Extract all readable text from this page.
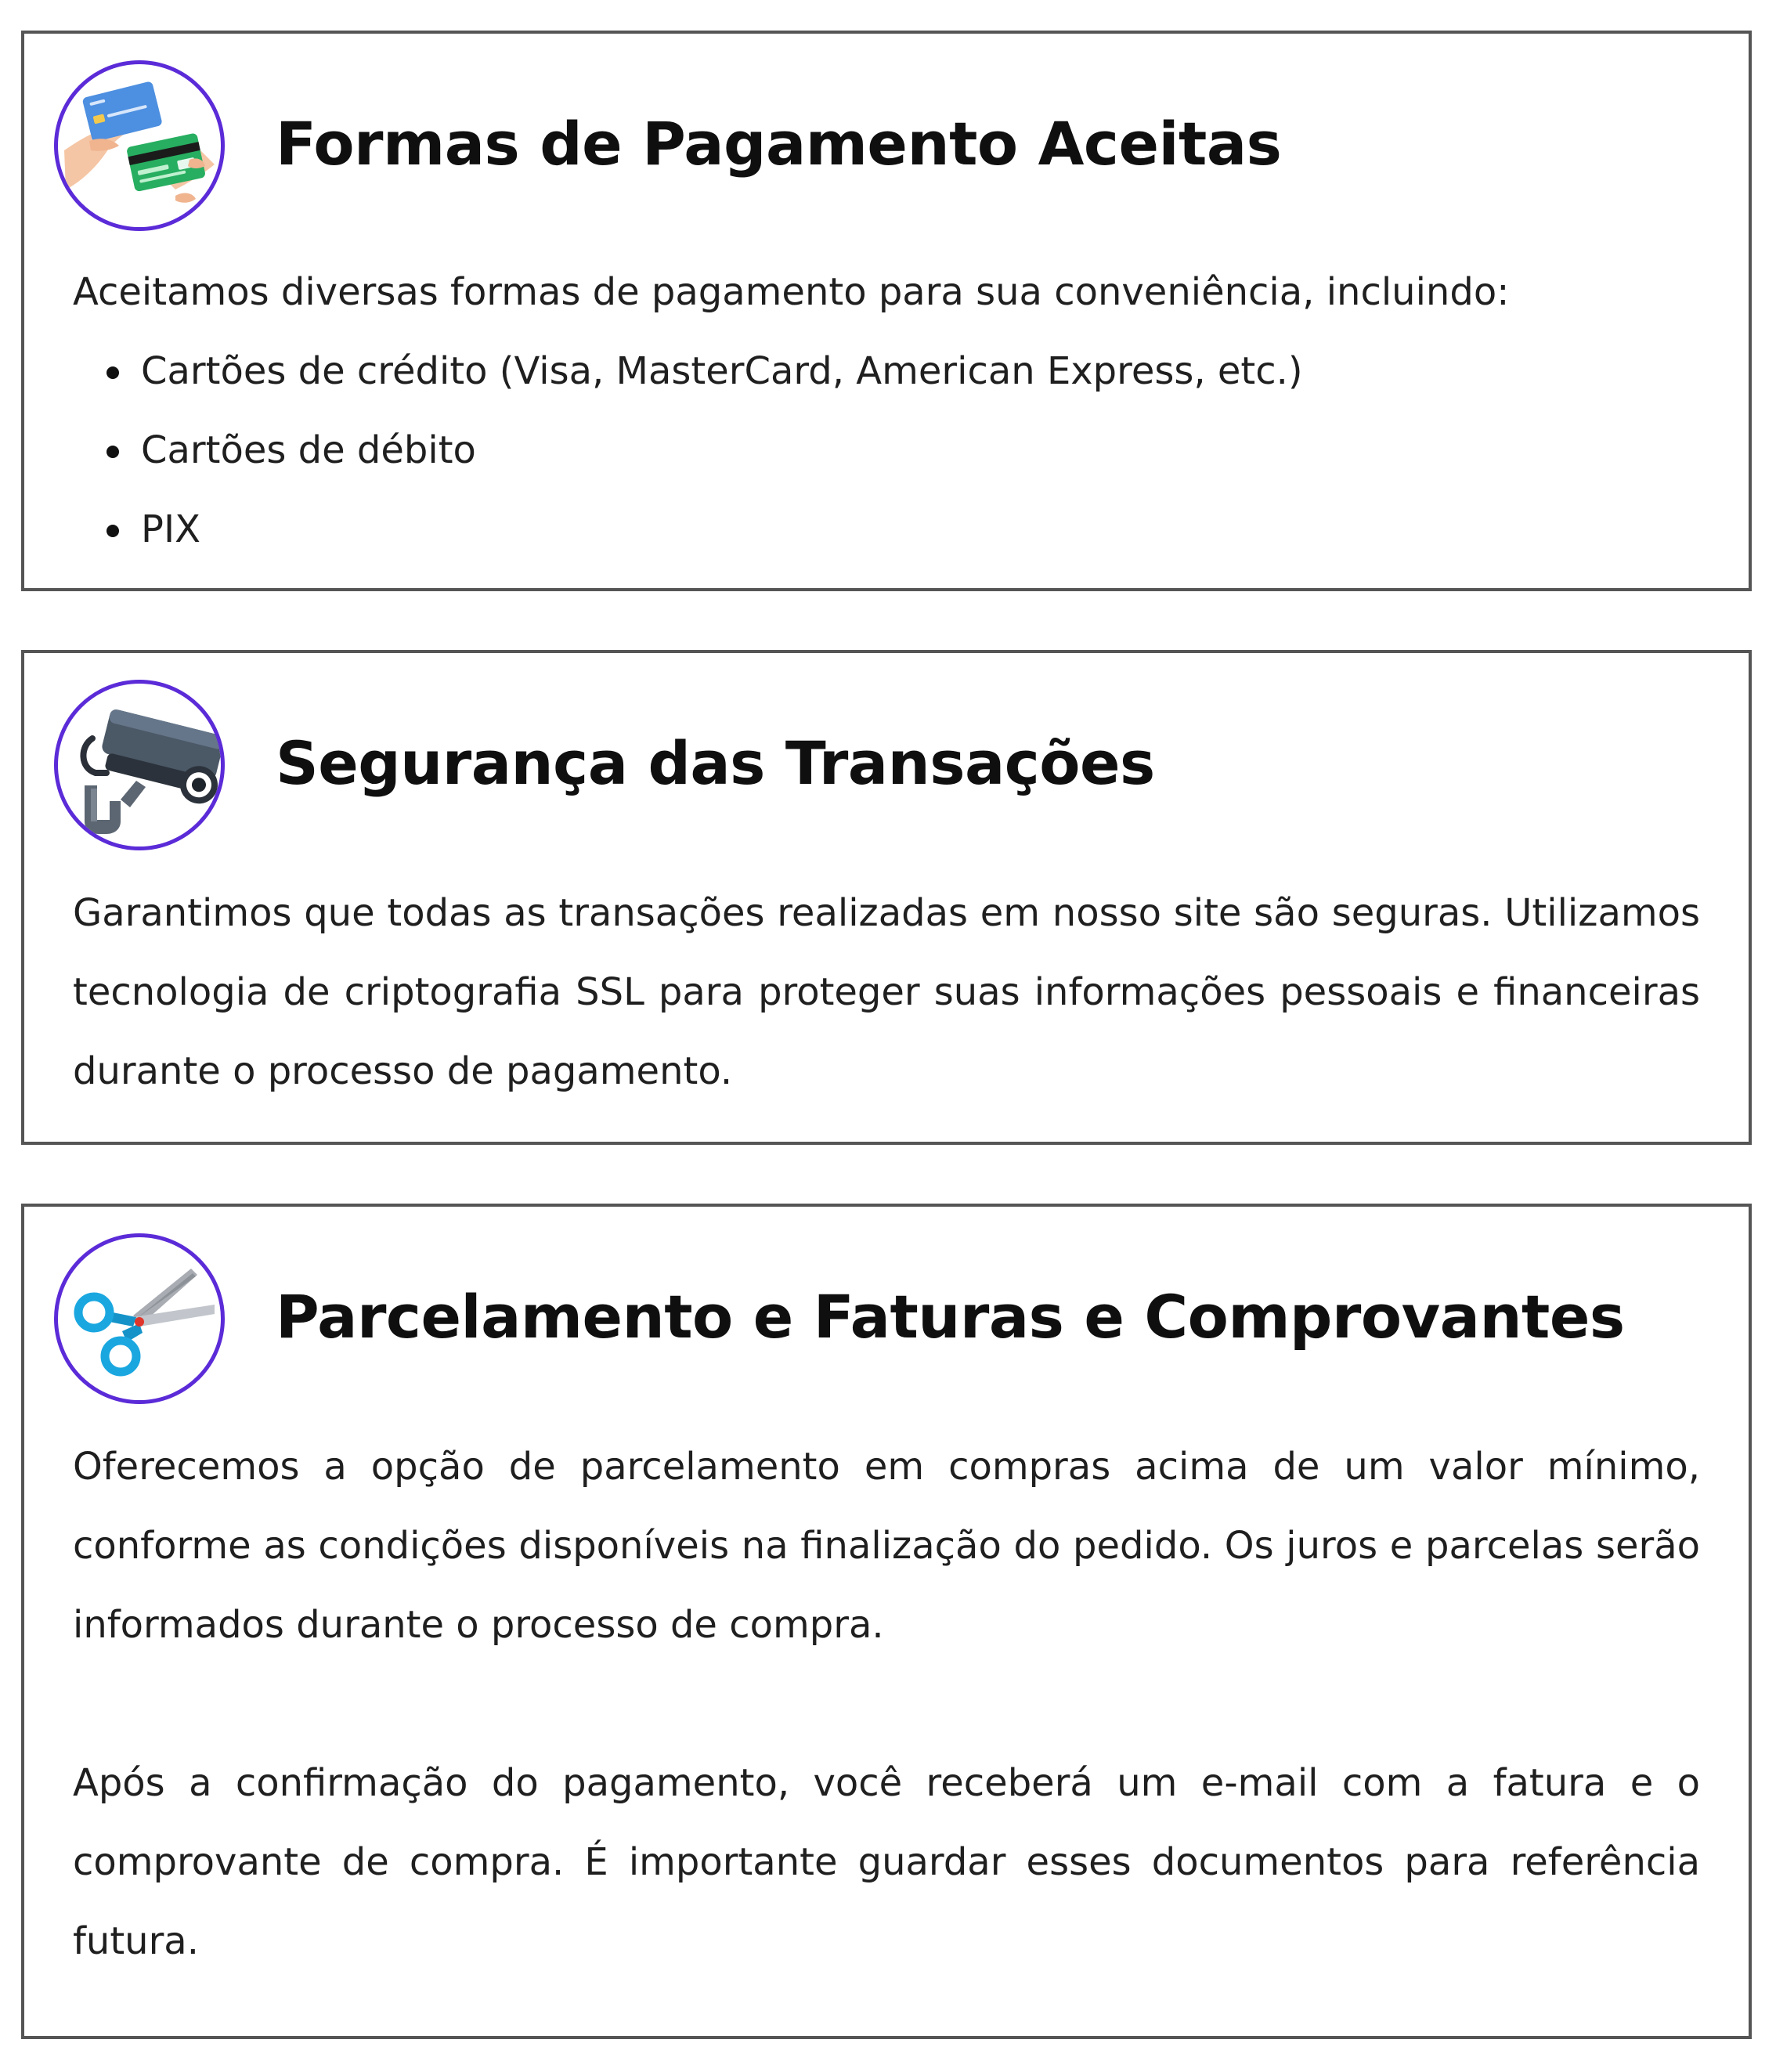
Formas de Pagamento Aceitas

Aceitamos diversas formas de pagamento para sua conveniência, incluindo:

Cartões de crédito (Visa, MasterCard, American Express, etc.)
Cartões de débito
PIX
Segurança das Transações

Garantimos que todas as transações realizadas em nosso site são seguras. Utilizamos tecnologia de criptografia SSL para proteger suas informações pessoais e financeiras durante o processo de pagamento.

Parcelamento e Faturas e Comprovantes

Oferecemos a opção de parcelamento em compras acima de um valor mínimo, conforme as condições disponíveis na finalização do pedido. Os juros e parcelas serão informados durante o processo de compra.

Após a confirmação do pagamento, você receberá um e-mail com a fatura e o comprovante de compra. É importante guardar esses documentos para referência futura.
